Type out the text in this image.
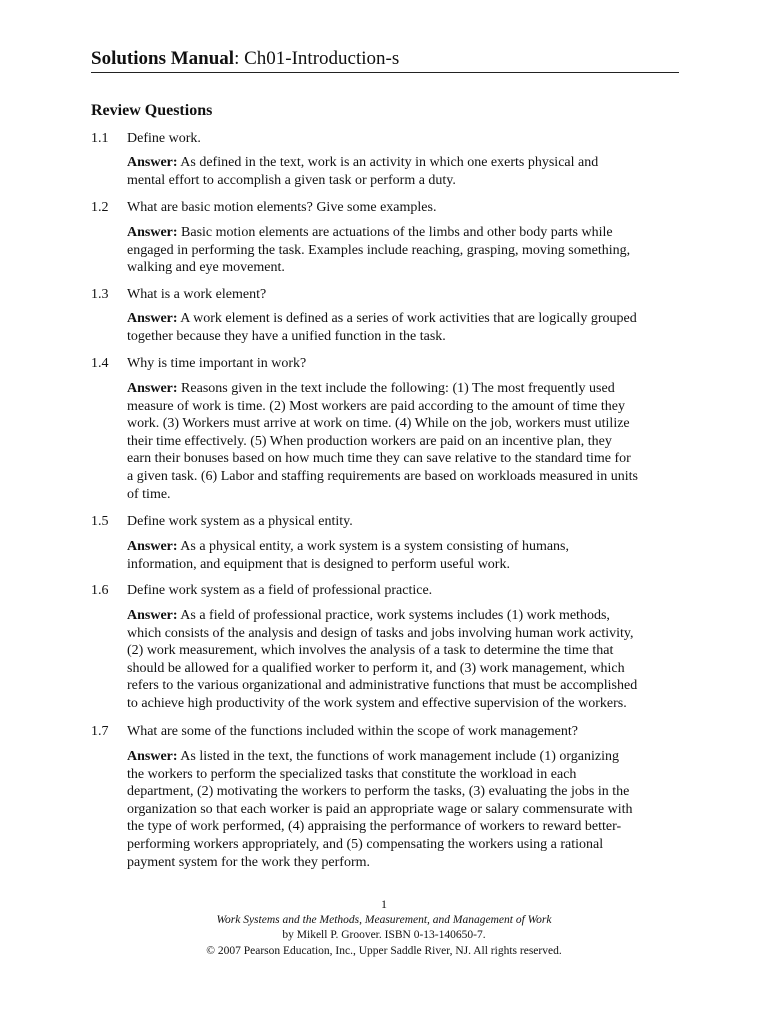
Solutions Manual: Ch01-Introduction-s
Review Questions
1.1 Define work.
Answer: As defined in the text, work is an activity in which one exerts physical and
mental effort to accomplish a given task or perform a duty.
1.2 What are basic motion elements? Give some examples.
Answer: Basic motion elements are actuations of the limbs and other body parts while
engaged in performing the task. Examples include reaching, grasping, moving something,
walking and eye movement.
1.3 What is a work element?
Answer: A work element is defined as a series of work activities that are logically grouped
together because they have a unified function in the task.
1.4 Why is time important in work?
Answer: Reasons given in the text include the following: (1) The most frequently used
measure of work is time. (2) Most workers are paid according to the amount of time they
work. (3) Workers must arrive at work on time. (4) While on the job, workers must utilize
their time effectively. (5) When production workers are paid on an incentive plan, they
earn their bonuses based on how much time they can save relative to the standard time for
a given task. (6) Labor and staffing requirements are based on workloads measured in units
of time.
1.5 Define work system as a physical entity.
Answer: As a physical entity, a work system is a system consisting of humans,
information, and equipment that is designed to perform useful work.
1.6 Define work system as a field of professional practice.
Answer: As a field of professional practice, work systems includes (1) work methods,
which consists of the analysis and design of tasks and jobs involving human work activity,
(2) work measurement, which involves the analysis of a task to determine the time that
should be allowed for a qualified worker to perform it, and (3) work management, which
refers to the various organizational and administrative functions that must be accomplished
to achieve high productivity of the work system and effective supervision of the workers.
1.7 What are some of the functions included within the scope of work management?
Answer: As listed in the text, the functions of work management include (1) organizing
the workers to perform the specialized tasks that constitute the workload in each
department, (2) motivating the workers to perform the tasks, (3) evaluating the jobs in the
organization so that each worker is paid an appropriate wage or salary commensurate with
the type of work performed, (4) appraising the performance of workers to reward better-
performing workers appropriately, and (5) compensating the workers using a rational
payment system for the work they perform.
1
Work Systems and the Methods, Measurement, and Management of Work
by Mikell P. Groover. ISBN 0-13-140650-7.
© 2007 Pearson Education, Inc., Upper Saddle River, NJ. All rights reserved.
